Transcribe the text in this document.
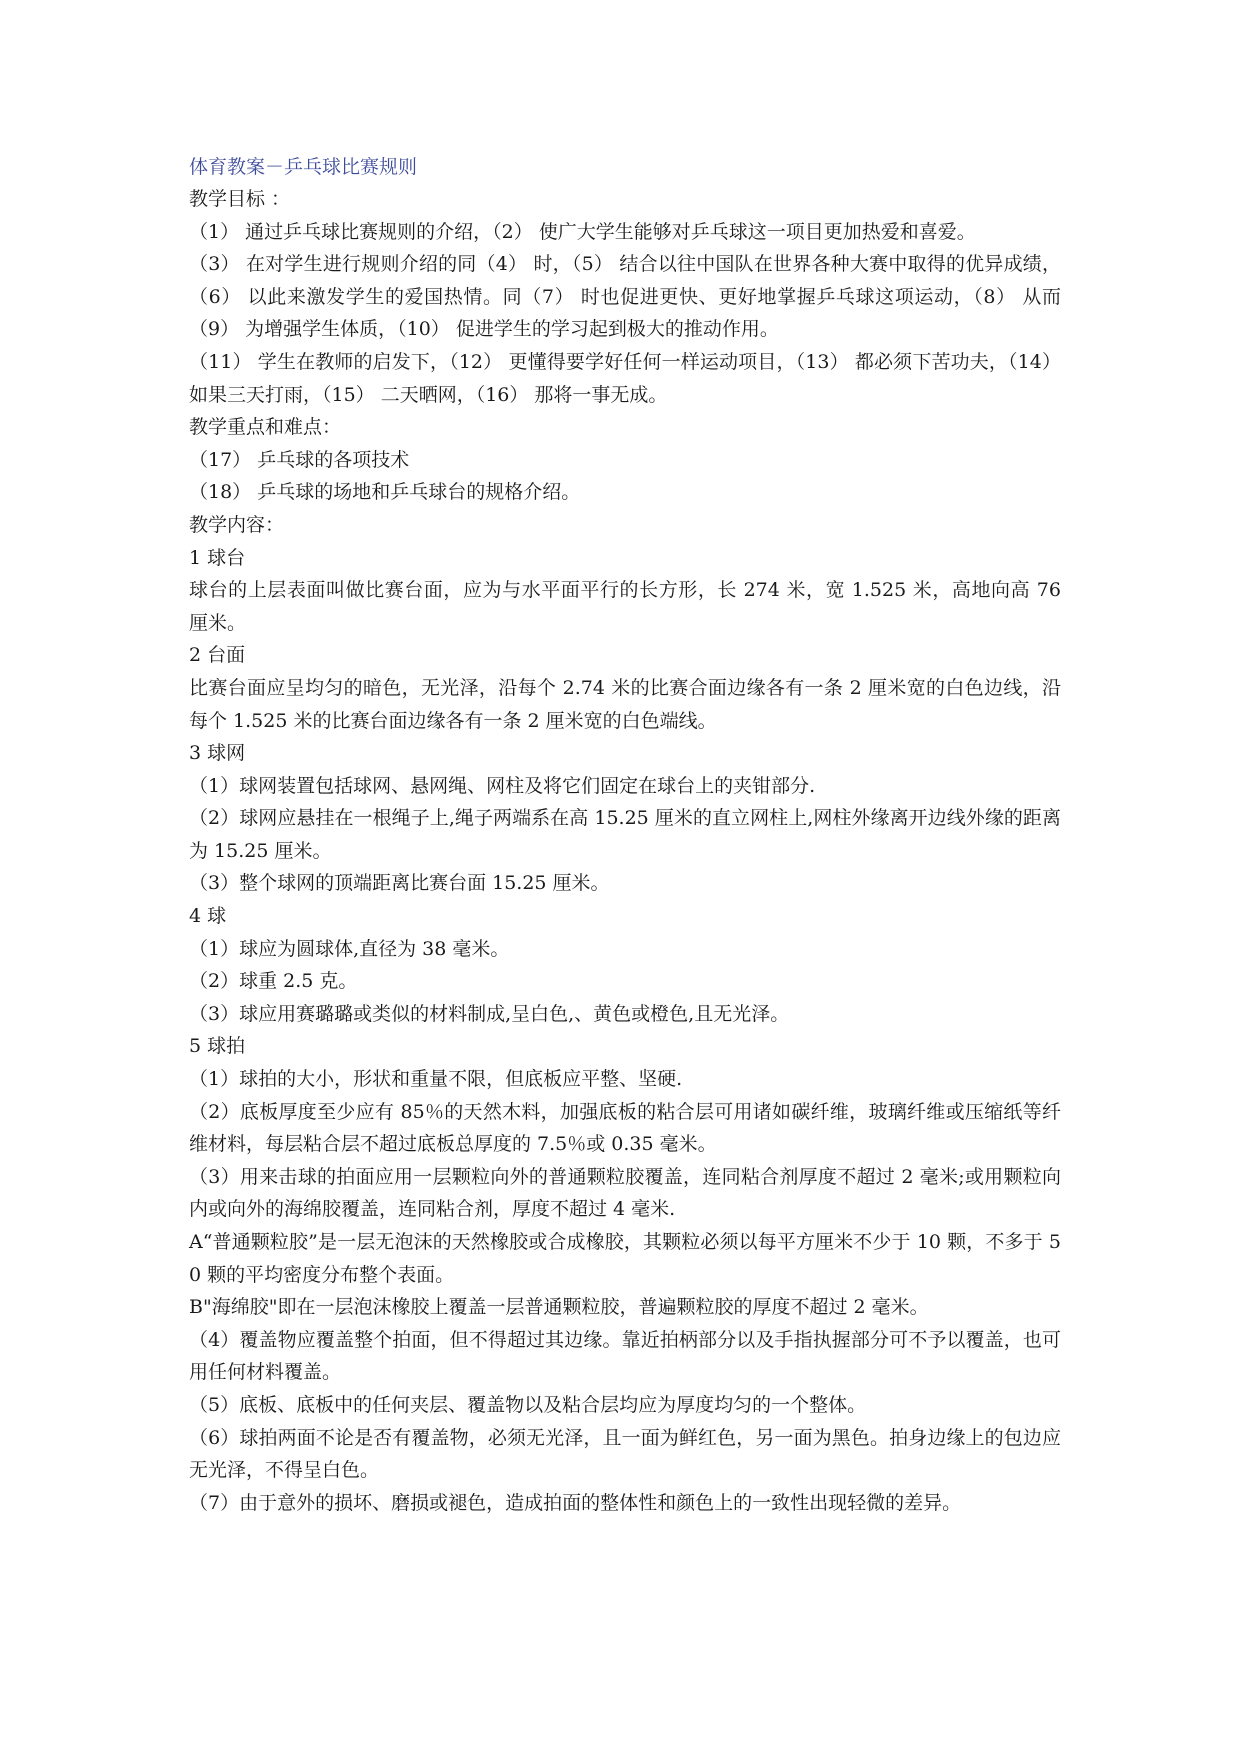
体育教案－乒乓球比赛规则

教学目标 ：

（1） 通过乒乓球比赛规则的介绍，（2） 使广大学生能够对乒乓球这一项目更加热爱和喜爱。

（3） 在对学生进行规则介绍的同（4） 时，（5） 结合以往中国队在世界各种大赛中取得的优异成绩，（6） 以此来激发学生的爱国热情。同（7） 时也促进更快、更好地掌握乒乓球这项运动，（8） 从而（9） 为增强学生体质，（10） 促进学生的学习起到极大的推动作用。

（11） 学生在教师的启发下，（12） 更懂得要学好任何一样运动项目，（13） 都必须下苦功夫，（14） 如果三天打雨，（15） 二天晒网，（16） 那将一事无成。

教学重点和难点：

（17） 乒乓球的各项技术

（18） 乒乓球的场地和乒乓球台的规格介绍。

教学内容：

1 球台

球台的上层表面叫做比赛台面，应为与水平面平行的长方形，长 274 米，宽 1.525 米，高地向高 76 厘米。

2 台面

比赛台面应呈均匀的暗色，无光泽，沿每个 2.74 米的比赛合面边缘各有一条 2 厘米宽的白色边线，沿每个 1.525 米的比赛台面边缘各有一条 2 厘米宽的白色端线。

3 球网

（1）球网装置包括球网、悬网绳、网柱及将它们固定在球台上的夹钳部分.

（2）球网应悬挂在一根绳子上,绳子两端系在高 15.25 厘米的直立网柱上,网柱外缘离开边线外缘的距离为 15.25 厘米。

（3）整个球网的顶端距离比赛台面 15.25 厘米。

4 球

（1）球应为圆球体,直径为 38 毫米。

（2）球重 2.5 克。

（3）球应用赛璐璐或类似的材料制成,呈白色,、黄色或橙色,且无光泽。

5 球拍

（1）球拍的大小，形状和重量不限，但底板应平整、坚硬.

（2）底板厚度至少应有 85％的天然木料，加强底板的粘合层可用诸如碳纤维，玻璃纤维或压缩纸等纤维材料，每层粘合层不超过底板总厚度的 7.5％或 0.35 毫米。

（3）用来击球的拍面应用一层颗粒向外的普通颗粒胶覆盖，连同粘合剂厚度不超过 2 毫米;或用颗粒向内或向外的海绵胶覆盖，连同粘合剂，厚度不超过 4 毫米.

A“普通颗粒胶”是一层无泡沫的天然橡胶或合成橡胶，其颗粒必须以每平方厘米不少于 10 颗，不多于 50 颗的平均密度分布整个表面。

B"海绵胶"即在一层泡沫橡胶上覆盖一层普通颗粒胶，普遍颗粒胶的厚度不超过 2 毫米。

（4）覆盖物应覆盖整个拍面，但不得超过其边缘。靠近拍柄部分以及手指执握部分可不予以覆盖，也可用任何材料覆盖。

（5）底板、底板中的任何夹层、覆盖物以及粘合层均应为厚度均匀的一个整体。

（6）球拍两面不论是否有覆盖物，必须无光泽，且一面为鲜红色，另一面为黑色。拍身边缘上的包边应无光泽，不得呈白色。

（7）由于意外的损坏、磨损或褪色，造成拍面的整体性和颜色上的一致性出现轻微的差异。
